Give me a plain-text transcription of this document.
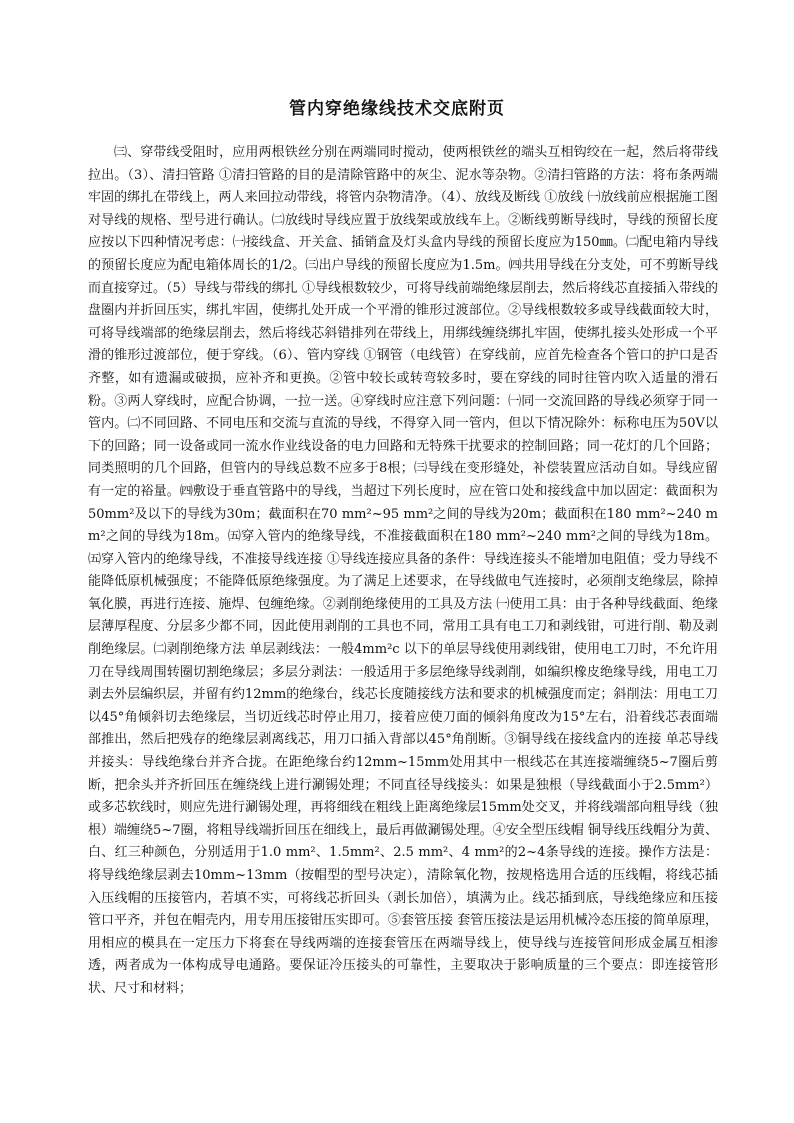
管内穿绝缘线技术交底附页

㈢、穿带线受阻时，应用两根铁丝分别在两端同时搅动，使两根铁丝的端头互相钩绞在一起，然后将带线拉出。（3）、清扫管路 ①清扫管路的目的是清除管路中的灰尘、泥水等杂物。②清扫管路的方法：将布条两端牢固的绑扎在带线上，两人来回拉动带线，将管内杂物清净。（4）、放线及断线 ①放线 ㈠放线前应根据施工图对导线的规格、型号进行确认。㈡放线时导线应置于放线架或放线车上。②断线剪断导线时，导线的预留长度应按以下四种情况考虑：㈠接线盒、开关盒、插销盒及灯头盒内导线的预留长度应为150㎜。㈡配电箱内导线的预留长度应为配电箱体周长的1/2。㈢出户导线的预留长度应为1.5m。㈣共用导线在分支处，可不剪断导线而直接穿过。（5）导线与带线的绑扎 ①导线根数较少，可将导线前端绝缘层削去，然后将线芯直接插入带线的盘圈内并折回压实，绑扎牢固，使绑扎处开成一个平滑的锥形过渡部位。②导线根数较多或导线截面较大时，可将导线端部的绝缘层削去，然后将线芯斜错排列在带线上，用绑线缠绕绑扎牢固，使绑扎接头处形成一个平滑的锥形过渡部位，便于穿线。（6）、管内穿线 ①钢管（电线管）在穿线前，应首先检查各个管口的护口是否齐整，如有遗漏或破损，应补齐和更换。②管中较长或转弯较多时，要在穿线的同时往管内吹入适量的滑石粉。③两人穿线时，应配合协调，一拉一送。④穿线时应注意下列问题：㈠同一交流回路的导线必须穿于同一管内。㈡不同回路、不同电压和交流与直流的导线，不得穿入同一管内，但以下情况除外：标称电压为50V以下的回路；同一设备或同一流水作业线设备的电力回路和无特殊干扰要求的控制回路；同一花灯的几个回路；同类照明的几个回路，但管内的导线总数不应多于8根；㈢导线在变形缝处，补偿装置应活动自如。导线应留有一定的裕量。㈣敷设于垂直管路中的导线，当超过下列长度时，应在管口处和接线盒中加以固定：截面积为50mm²及以下的导线为30m；截面积在70 mm²~95 mm²之间的导线为20m；截面积在180 mm²~240 mm²之间的导线为18m。㈤穿入管内的绝缘导线，不准接截面积在180 mm²~240 mm²之间的导线为18m。㈤穿入管内的绝缘导线，不准接导线连接 ①导线连接应具备的条件：导线连接头不能增加电阻值；受力导线不能降低原机械强度；不能降低原绝缘强度。为了满足上述要求，在导线做电气连接时，必须削支绝缘层，除掉氧化膜，再进行连接、施焊、包缠绝缘。②剥削绝缘使用的工具及方法 ㈠使用工具：由于各种导线截面、绝缘层薄厚程度、分层多少都不同，因此使用剥削的工具也不同，常用工具有电工刀和剥线钳，可进行削、勒及剥削绝缘层。㈡剥削绝缘方法 单层剥线法：一般4mm²c 以下的单层导线使用剥线钳，使用电工刀时，不允许用刀在导线周围转圈切割绝缘层；多层分剥法：一般适用于多层绝缘导线剥削，如编织橡皮绝缘导线，用电工刀剥去外层编织层，并留有约12mm的绝缘台，线芯长度随接线方法和要求的机械强度而定；斜削法：用电工刀以45°角倾斜切去绝缘层，当切近线芯时停止用刀，接着应使刀面的倾斜角度改为15°左右，沿着线芯表面端部推出，然后把残存的绝缘层剥离线芯，用刀口插入背部以45°角削断。③铜导线在接线盒内的连接 单芯导线并接头：导线绝缘台并齐合拢。在距绝缘台约12mm~15mm处用其中一根线芯在其连接端缠绕5~7圈后剪断，把余头并齐折回压在缠绕线上进行涮锡处理；不同直径导线接头：如果是独根（导线截面小于2.5mm²）或多芯软线时，则应先进行涮锡处理，再将细线在粗线上距离绝缘层15mm处交叉，并将线端部向粗导线（独根）端缠绕5~7圈，将粗导线端折回压在细线上，最后再做涮锡处理。④安全型压线帽 铜导线压线帽分为黄、白、红三种颜色，分别适用于1.0 mm²、1.5mm²、2.5 mm²、4 mm²的2~4条导线的连接。操作方法是：将导线绝缘层剥去10mm~13mm（按帽型的型号决定），清除氧化物，按规格选用合适的压线帽，将线芯插入压线帽的压接管内，若填不实，可将线芯折回头（剥长加倍），填满为止。线芯插到底，导线绝缘应和压接管口平齐，并包在帽壳内，用专用压接钳压实即可。⑤套管压接 套管压接法是运用机械冷态压接的简单原理，用相应的模具在一定压力下将套在导线两端的连接套管压在两端导线上，使导线与连接管间形成金属互相渗透，两者成为一体构成导电通路。要保证冷压接头的可靠性，主要取决于影响质量的三个要点：即连接管形状、尺寸和材料；
